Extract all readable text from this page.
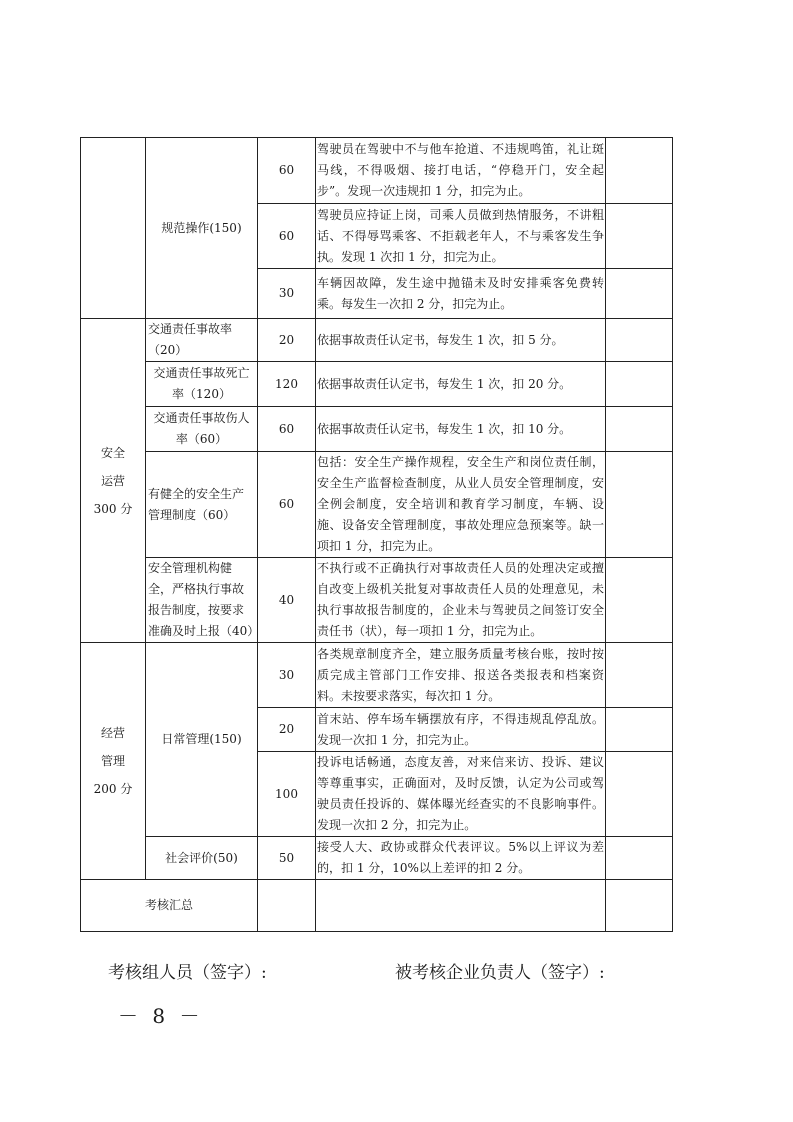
	规范操作(150)	60	驾驶员在驾驶中不与他车抢道、不违规鸣笛，礼让斑马线，不得吸烟、接打电话，“停稳开门，安全起步”。发现一次违规扣 1 分，扣完为止。	
		60	驾驶员应持证上岗，司乘人员做到热情服务，不讲粗话、不得辱骂乘客、不拒载老年人，不与乘客发生争执。发现 1 次扣 1 分，扣完为止。	
		30	车辆因故障，发生途中抛锚未及时安排乘客免费转乘。每发生一次扣 2 分，扣完为止。	
安全
运营
300 分	交通责任事故率（20）	20	依据事故责任认定书，每发生 1 次，扣 5 分。	
	交通责任事故死亡率（120）	120	依据事故责任认定书，每发生 1 次，扣 20 分。	
	交通责任事故伤人率（60）	60	依据事故责任认定书，每发生 1 次，扣 10 分。	
	有健全的安全生产管理制度（60）	60	包括：安全生产操作规程，安全生产和岗位责任制，安全生产监督检查制度，从业人员安全管理制度，安全例会制度，安全培训和教育学习制度，车辆、设施、设备安全管理制度，事故处理应急预案等。缺一项扣 1 分，扣完为止。	
	安全管理机构健全，严格执行事故报告制度，按要求准确及时上报（40）	40	不执行或不正确执行对事故责任人员的处理决定或擅自改变上级机关批复对事故责任人员的处理意见，未执行事故报告制度的，企业未与驾驶员之间签订安全责任书（状），每一项扣 1 分，扣完为止。	
经营
管理
200 分	日常管理(150)	30	各类规章制度齐全，建立服务质量考核台账，按时按质完成主管部门工作安排、报送各类报表和档案资料。未按要求落实，每次扣 1 分。	
		20	首末站、停车场车辆摆放有序，不得违规乱停乱放。发现一次扣 1 分，扣完为止。	
		100	投诉电话畅通，态度友善，对来信来访、投诉、建议等尊重事实，正确面对，及时反馈，认定为公司或驾驶员责任投诉的、媒体曝光经查实的不良影响事件。发现一次扣 2 分，扣完为止。	
	社会评价(50)	50	接受人大、政协或群众代表评议。5%以上评议为差的，扣 1 分，10%以上差评的扣 2 分。	
考核汇总				
考核组人员（签字）:	被考核企业负责人（签字）:
－ 8 －
